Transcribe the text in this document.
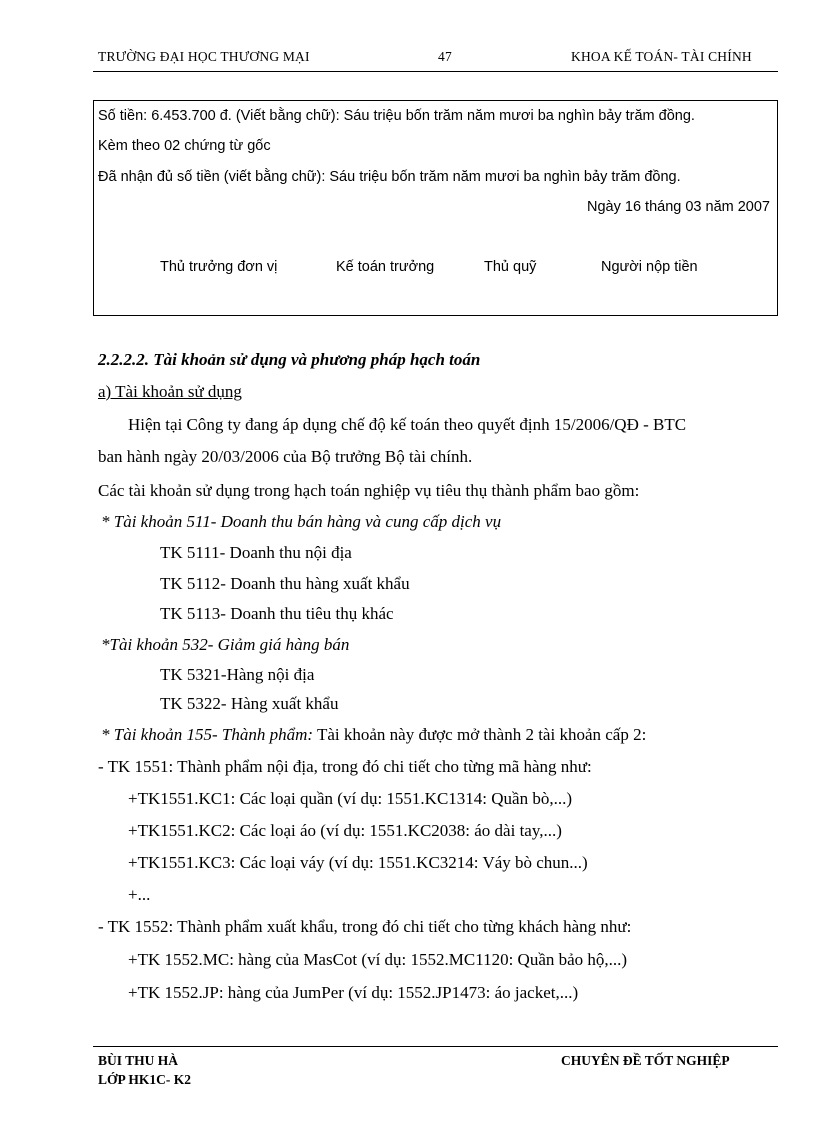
TRƯỜNG ĐẠI HỌC THƯƠNG MẠI	47	KHOA KẾ TOÁN- TÀI CHÍNH
Số tiền: 6.453.700 đ. (Viết bằng chữ): Sáu triệu bốn trăm năm mươi ba nghìn bảy trăm đồng.
Kèm theo 02 chứng từ gốc
Đã nhận đủ số tiền (viết bằng chữ): Sáu triệu bốn trăm năm mươi ba nghìn bảy trăm đồng.
Ngày 16 tháng 03 năm 2007
Thủ trưởng đơn vị	Kế toán trưởng	Thủ quỹ	Người nộp tiền
2.2.2.2. Tài khoản sử dụng và phương pháp hạch toán
a) Tài khoản sử dụng
Hiện tại Công ty đang áp dụng chế độ kế toán theo quyết định 15/2006/QĐ - BTC
ban hành ngày 20/03/2006 của Bộ trưởng Bộ tài chính.
Các tài khoản sử dụng trong hạch toán nghiệp vụ tiêu thụ thành phẩm bao gồm:
* Tài khoản 511- Doanh thu bán hàng và cung cấp dịch vụ
TK 5111- Doanh thu nội địa
TK 5112- Doanh thu hàng xuất khẩu
TK 5113- Doanh thu tiêu thụ khác
*Tài khoản 532- Giảm giá hàng bán
TK 5321-Hàng nội địa
TK 5322- Hàng xuất khẩu
* Tài khoản 155- Thành phẩm: Tài khoản này được mở thành 2 tài khoản cấp 2:
- TK 1551: Thành phẩm nội địa, trong đó chi tiết cho từng mã hàng như:
+TK1551.KC1: Các loại quần (ví dụ: 1551.KC1314: Quần bò,...)
+TK1551.KC2: Các loại áo (ví dụ: 1551.KC2038: áo dài tay,...)
+TK1551.KC3: Các loại váy (ví dụ: 1551.KC3214: Váy bò chun...)
+...
- TK 1552: Thành phẩm xuất khẩu, trong đó chi tiết cho từng khách hàng như:
+TK 1552.MC: hàng của MasCot (ví dụ: 1552.MC1120: Quần bảo hộ,...)
+TK 1552.JP: hàng của JumPer (ví dụ: 1552.JP1473: áo jacket,...)
BÙI THU HÀ
LỚP HK1C- K2
CHUYÊN ĐỀ TỐT NGHIỆP
